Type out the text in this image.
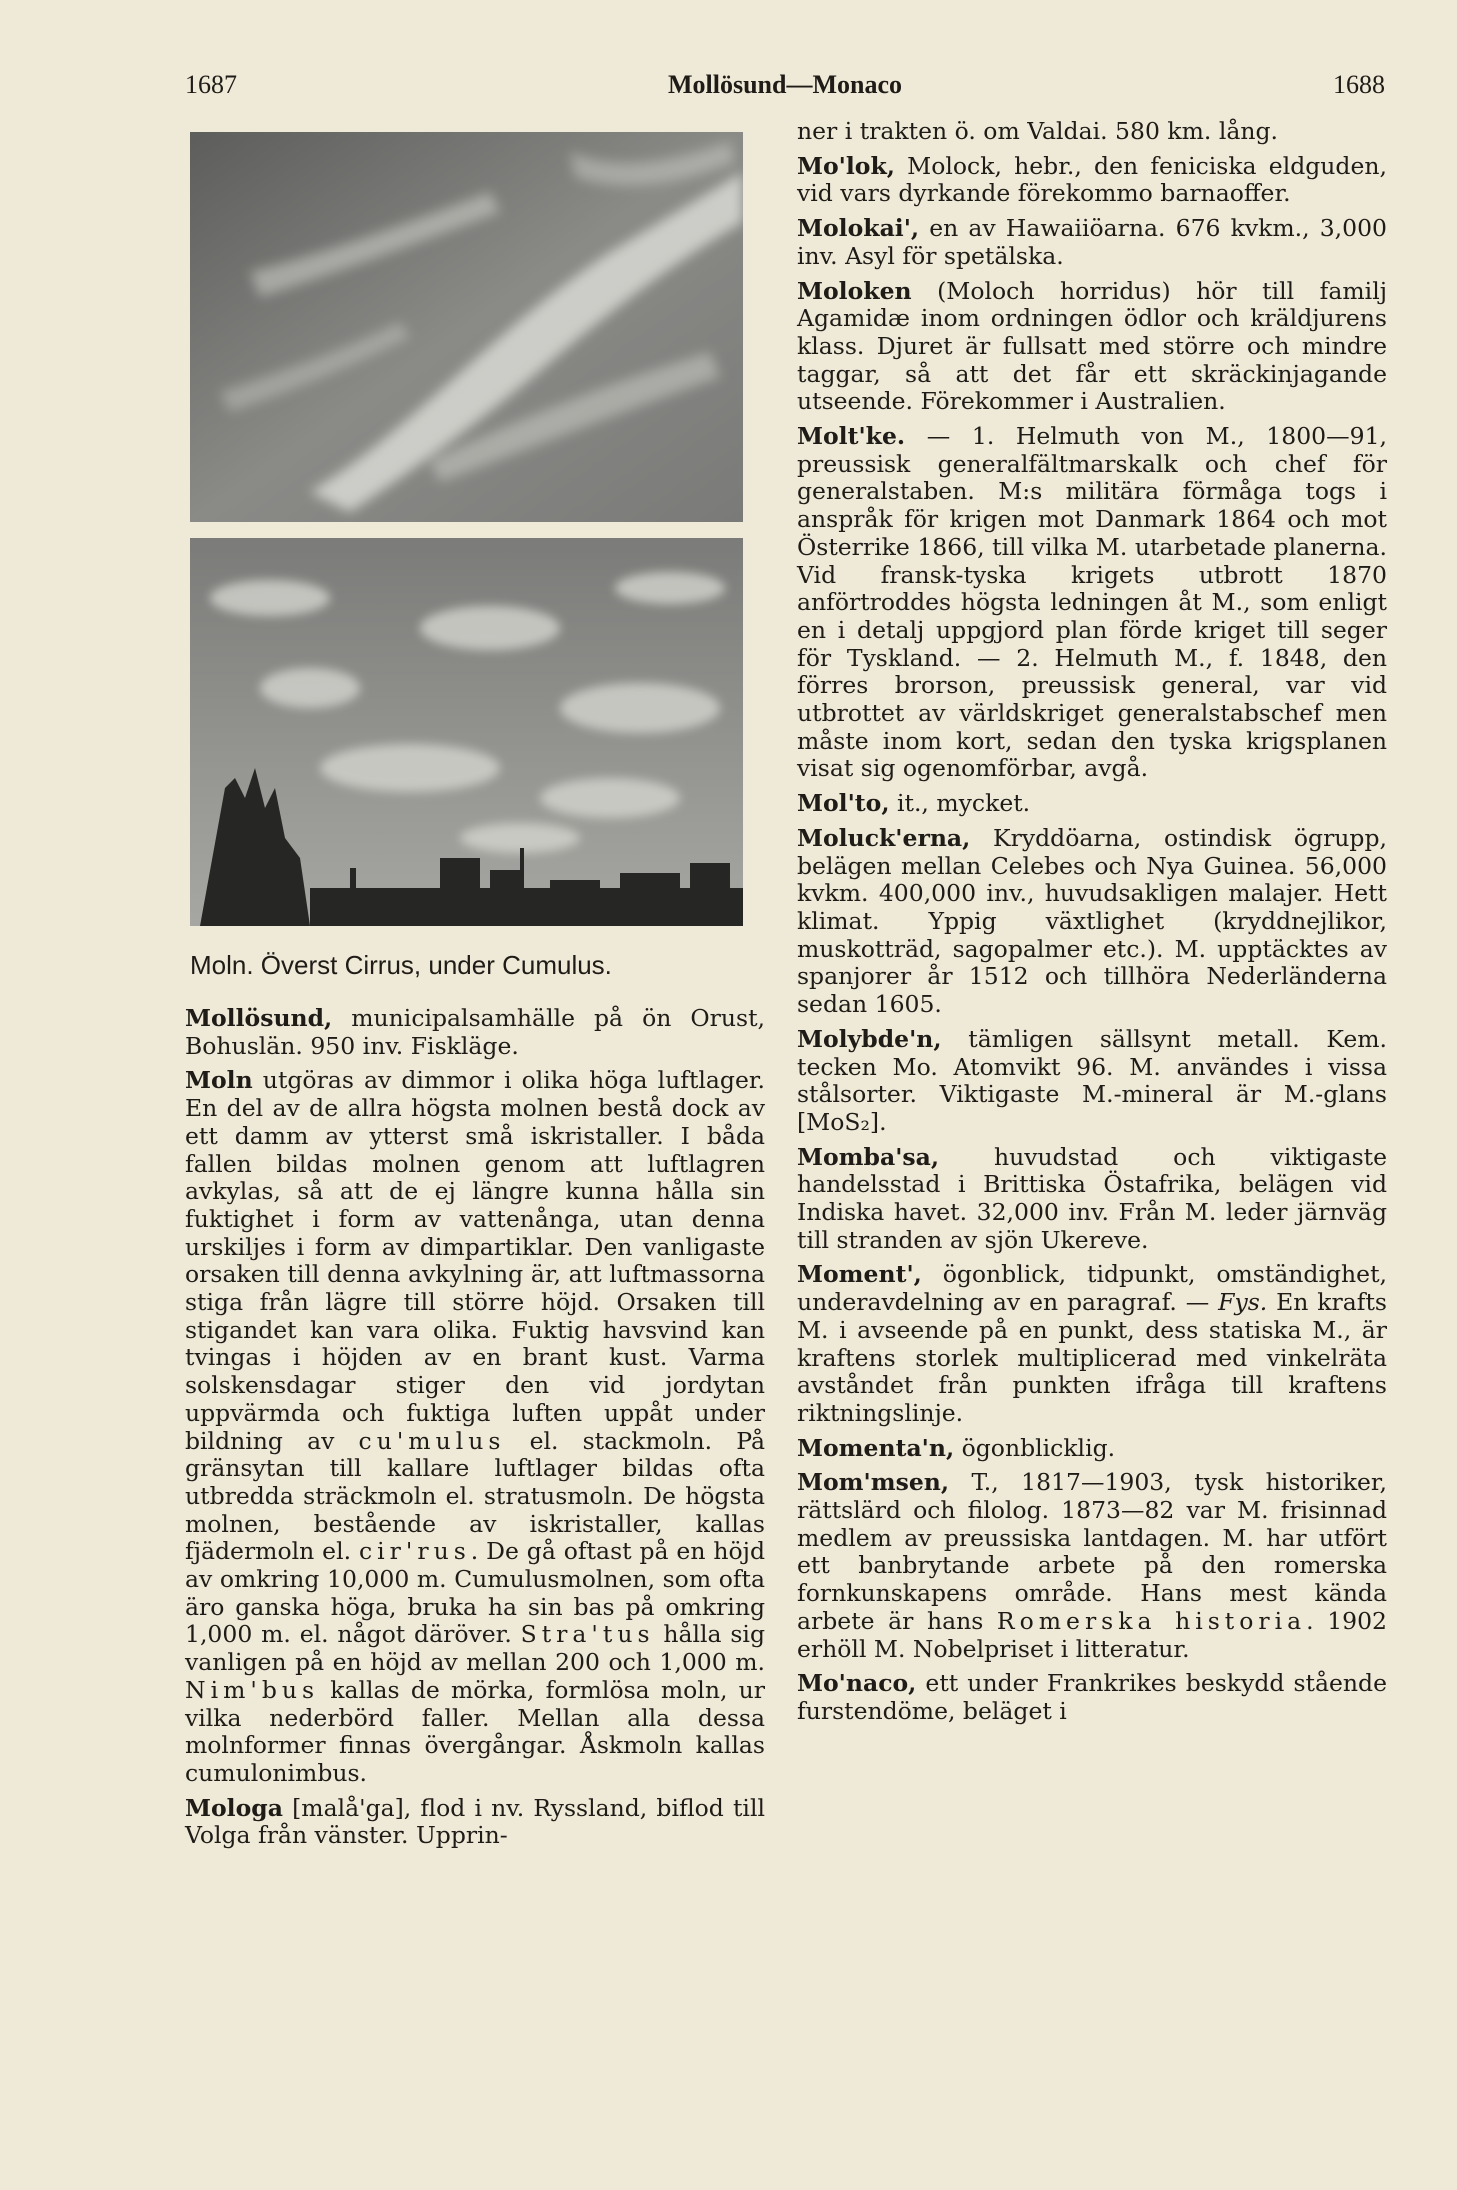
1687	Mollösund—Monaco	1688
Moln. Överst Cirrus, under Cumulus.

Mollösund, municipalsamhälle på ön Orust, Bohuslän. 950 inv. Fiskläge.

Moln utgöras av dimmor i olika höga luftlager. En del av de allra högsta molnen bestå dock av ett damm av ytterst små iskristaller. I båda fallen bildas molnen genom att luftlagren avkylas, så att de ej längre kunna hålla sin fuktighet i form av vattenånga, utan denna urskiljes i form av dimpartiklar. Den vanligaste orsaken till denna avkylning är, att luftmassorna stiga från lägre till större höjd. Orsaken till stigandet kan vara olika. Fuktig havsvind kan tvingas i höjden av en brant kust. Varma solskensdagar stiger den vid jordytan uppvärmda och fuktiga luften uppåt under bildning av cu'mulus el. stackmoln. På gränsytan till kallare luftlager bildas ofta utbredda sträckmoln el. stratusmoln. De högsta molnen, bestående av iskristaller, kallas fjädermoln el. cir'rus. De gå oftast på en höjd av omkring 10,000 m. Cumulusmolnen, som ofta äro ganska höga, bruka ha sin bas på omkring 1,000 m. el. något däröver. Stra'tus hålla sig vanligen på en höjd av mellan 200 och 1,000 m. Nim'bus kallas de mörka, formlösa moln, ur vilka nederbörd faller. Mellan alla dessa molnformer finnas övergångar. Åskmoln kallas cumulonimbus.

Mologa [malå'ga], flod i nv. Ryssland, biflod till Volga från vänster. Upprin-

ner i trakten ö. om Valdai. 580 km. lång.

Mo'lok, Molock, hebr., den feniciska eldguden, vid vars dyrkande förekommo barnaoffer.

Molokai', en av Hawaiiöarna. 676 kvkm., 3,000 inv. Asyl för spetälska.

Moloken (Moloch horridus) hör till familj Agamidæ inom ordningen ödlor och kräldjurens klass. Djuret är fullsatt med större och mindre taggar, så att det får ett skräckinjagande utseende. Förekommer i Australien.

Molt'ke. — 1. Helmuth von M., 1800—91, preussisk generalfältmarskalk och chef för generalstaben. M:s militära förmåga togs i anspråk för krigen mot Danmark 1864 och mot Österrike 1866, till vilka M. utarbetade planerna. Vid fransk-tyska krigets utbrott 1870 anförtroddes högsta ledningen åt M., som enligt en i detalj uppgjord plan förde kriget till seger för Tyskland. — 2. Helmuth M., f. 1848, den förres brorson, preussisk general, var vid utbrottet av världskriget generalstabschef men måste inom kort, sedan den tyska krigsplanen visat sig ogenomförbar, avgå.

Mol'to, it., mycket.

Moluck'erna, Kryddöarna, ostindisk ögrupp, belägen mellan Celebes och Nya Guinea. 56,000 kvkm. 400,000 inv., huvudsakligen malajer. Hett klimat. Yppig växtlighet (kryddnejlikor, muskotträd, sagopalmer etc.). M. upptäcktes av spanjorer år 1512 och tillhöra Nederländerna sedan 1605.

Molybde'n, tämligen sällsynt metall. Kem. tecken Mo. Atomvikt 96. M. användes i vissa stålsorter. Viktigaste M.-mineral är M.-glans [MoS₂].

Momba'sa, huvudstad och viktigaste handelsstad i Brittiska Östafrika, belägen vid Indiska havet. 32,000 inv. Från M. leder järnväg till stranden av sjön Ukereve.

Moment', ögonblick, tidpunkt, omständighet, underavdelning av en paragraf. — Fys. En krafts M. i avseende på en punkt, dess statiska M., är kraftens storlek multiplicerad med vinkelräta avståndet från punkten ifråga till kraftens riktningslinje.

Momenta'n, ögonblicklig.

Mom'msen, T., 1817—1903, tysk historiker, rättslärd och filolog. 1873—82 var M. frisinnad medlem av preussiska lantdagen. M. har utfört ett banbrytande arbete på den romerska fornkunskapens område. Hans mest kända arbete är hans Romerska historia. 1902 erhöll M. Nobelpriset i litteratur.

Mo'naco, ett under Frankrikes beskydd stående furstendöme, beläget i
